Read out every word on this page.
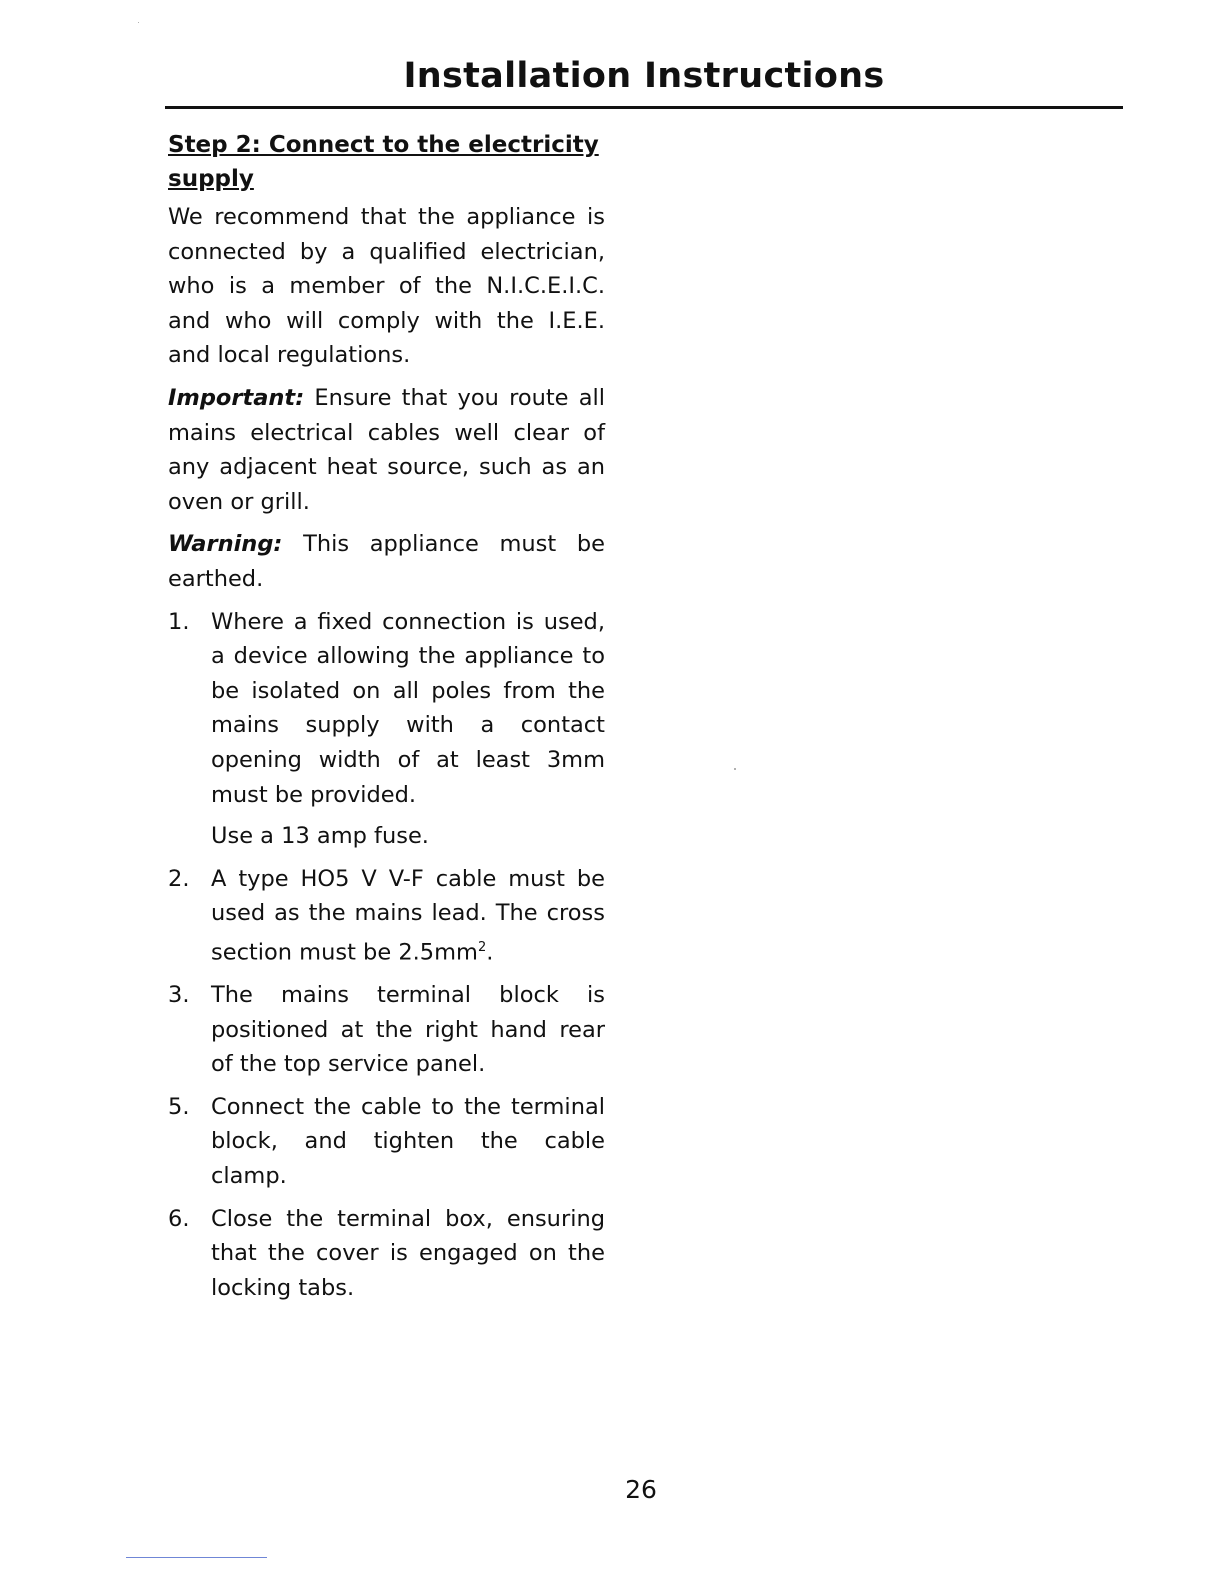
Installation Instructions
Step 2: Connect to the electricity supply

We recommend that the appliance is connected by a qualified electrician, who is a member of the N.I.C.E.I.C. and who will comply with the I.E.E. and local regulations.

Important: Ensure that you route all mains electrical cables well clear of any adjacent heat source, such as an oven or grill.

Warning: This appliance must be earthed.

1. Where a fixed connection is used, a device allowing the appliance to be isolated on all poles from the mains supply with a contact opening width of at least 3mm must be provided.

Use a 13 amp fuse.

2. A type HO5 V V-F cable must be used as the mains lead. The cross section must be $2.5mm^2$.

3. The mains terminal block is positioned at the right hand rear of the top service panel.

5. Connect the cable to the terminal block, and tighten the cable clamp.

6. Close the terminal box, ensuring that the cover is engaged on the locking tabs.

26
